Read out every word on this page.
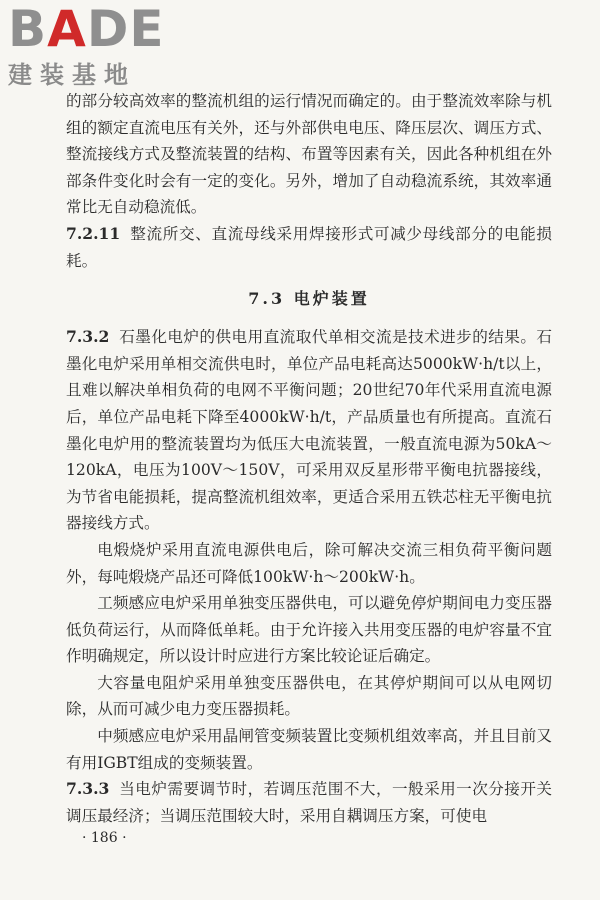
BADE
建装基地

的部分较高效率的整流机组的运行情况而确定的。由于整流效率除与机组的额定直流电压有关外，还与外部供电电压、降压层次、调压方式、整流接线方式及整流装置的结构、布置等因素有关，因此各种机组在外部条件变化时会有一定的变化。另外，增加了自动稳流系统，其效率通常比无自动稳流低。

7.2.11 整流所交、直流母线采用焊接形式可减少母线部分的电能损耗。

7.3 电炉装置

7.3.2 石墨化电炉的供电用直流取代单相交流是技术进步的结果。石墨化电炉采用单相交流供电时，单位产品电耗高达5000kW·h/t以上，且难以解决单相负荷的电网不平衡问题；20世纪70年代采用直流电源后，单位产品电耗下降至4000kW·h/t，产品质量也有所提高。直流石墨化电炉用的整流装置均为低压大电流装置，一般直流电源为50kA～120kA，电压为100V～150V，可采用双反星形带平衡电抗器接线，为节省电能损耗，提高整流机组效率，更适合采用五铁芯柱无平衡电抗器接线方式。

电煅烧炉采用直流电源供电后，除可解决交流三相负荷平衡问题外，每吨煅烧产品还可降低100kW·h～200kW·h。

工频感应电炉采用单独变压器供电，可以避免停炉期间电力变压器低负荷运行，从而降低单耗。由于允许接入共用变压器的电炉容量不宜作明确规定，所以设计时应进行方案比较论证后确定。

大容量电阻炉采用单独变压器供电，在其停炉期间可以从电网切除，从而可减少电力变压器损耗。

中频感应电炉采用晶闸管变频装置比变频机组效率高，并且目前又有用IGBT组成的变频装置。

7.3.3 当电炉需要调节时，若调压范围不大，一般采用一次分接开关调压最经济；当调压范围较大时，采用自耦调压方案，可使电

· 186 ·
